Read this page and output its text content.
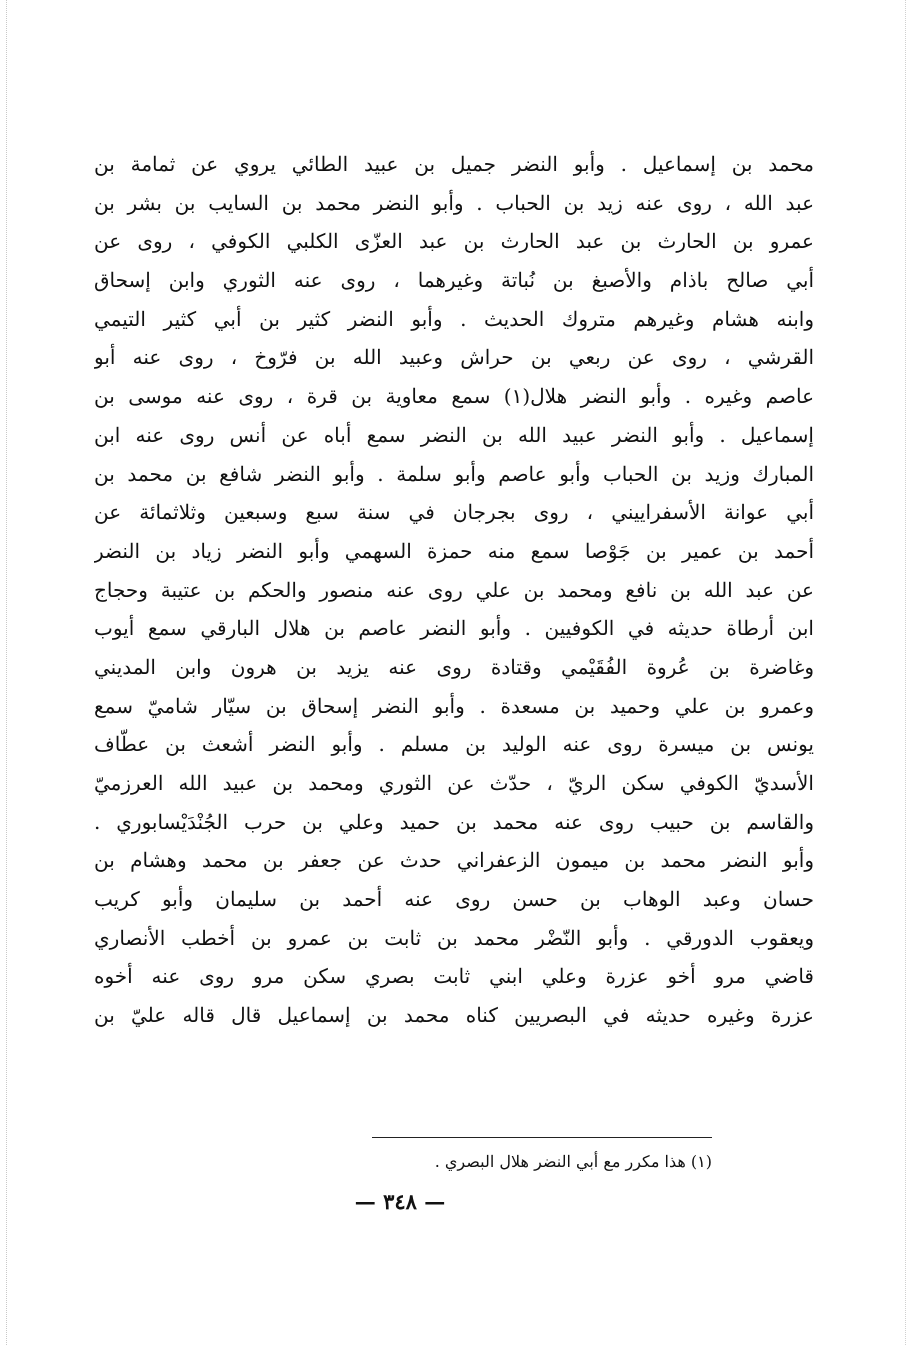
محمد بن إسماعيل . وأبو النضر جميل بن عبيد الطائي يروي عن ثمامة بن
عبد الله ، روى عنه زيد بن الحباب . وأبو النضر محمد بن السايب بن بشر بن
عمرو بن الحارث بن عبد الحارث بن عبد العزّى الكلبي الكوفي ، روى عن
أبي صالح باذام والأصبغ بن نُباتة وغيرهما ، روى عنه الثوري وابن إسحاق
وابنه هشام وغيرهم متروك الحديث . وأبو النضر كثير بن أبي كثير التيمي
القرشي ، روى عن ربعي بن حراش وعبيد الله بن فرّوخ ، روى عنه أبو
عاصم وغيره . وأبو النضر هلال(١) سمع معاوية بن قرة ، روى عنه موسى بن
إسماعيل . وأبو النضر عبيد الله بن النضر سمع أباه عن أنس روى عنه ابن
المبارك وزيد بن الحباب وأبو عاصم وأبو سلمة . وأبو النضر شافع بن محمد بن
أبي عوانة الأسفراييني ، روى بجرجان في سنة سبع وسبعين وثلاثمائة عن
أحمد بن عمير بن جَوْصا سمع منه حمزة السهمي وأبو النضر زياد بن النضر
عن عبد الله بن نافع ومحمد بن علي روى عنه منصور والحكم بن عتيبة وحجاج
ابن أرطاة حديثه في الكوفيين . وأبو النضر عاصم بن هلال البارقي سمع أيوب
وغاضرة بن عُروة الفُقَيْمي وقتادة روى عنه يزيد بن هرون وابن المديني
وعمرو بن علي وحميد بن مسعدة . وأبو النضر إسحاق بن سيّار شاميّ سمع
يونس بن ميسرة روى عنه الوليد بن مسلم . وأبو النضر أشعث بن عطّاف
الأسديّ الكوفي سكن الريّ ، حدّث عن الثوري ومحمد بن عبيد الله العرزميّ
والقاسم بن حبيب روى عنه محمد بن حميد وعلي بن حرب الجُنْدَيْسابوري .
وأبو النضر محمد بن ميمون الزعفراني حدث عن جعفر بن محمد وهشام بن
حسان وعبد الوهاب بن حسن روى عنه أحمد بن سليمان وأبو كريب
ويعقوب الدورقي . وأبو النّضْر محمد بن ثابت بن عمرو بن أخطب الأنصاري
قاضي مرو أخو عزرة وعلي ابني ثابت بصري سكن مرو روى عنه أخوه
عزرة وغيره حديثه في البصريين كناه محمد بن إسماعيل قال قاله عليّ بن
(١) هذا مكرر مع أبي النضر هلال البصري .
— ٣٤٨ —
